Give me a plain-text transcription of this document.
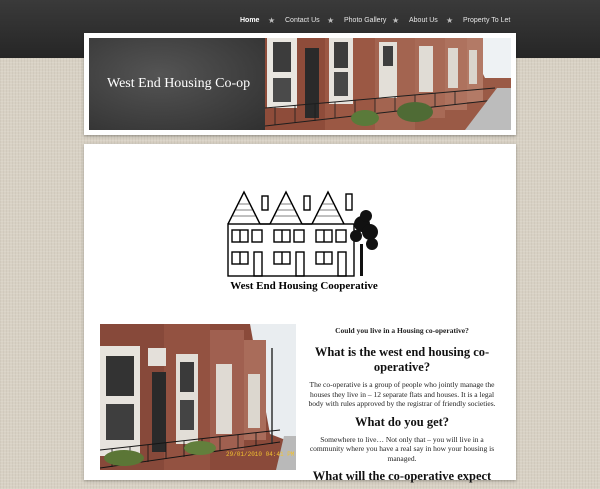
Home ★ Contact Us ★ Photo Gallery ★ About Us ★ Property To Let
West End Housing Co-op
West End Housing Cooperative
29/01/2010 04:41 PM
Could you live in a Housing co-operative?
What is the west end housing co-operative?
The co-operative is a group of people who jointly manage the houses they live in – 12 separate flats and houses. It is a legal body with rules approved by the registrar of friendly societies.
What do you get?
Somewhere to live… Not only that – you will live in a community where you have a real say in how your housing is managed.
What will the co-operative expect
